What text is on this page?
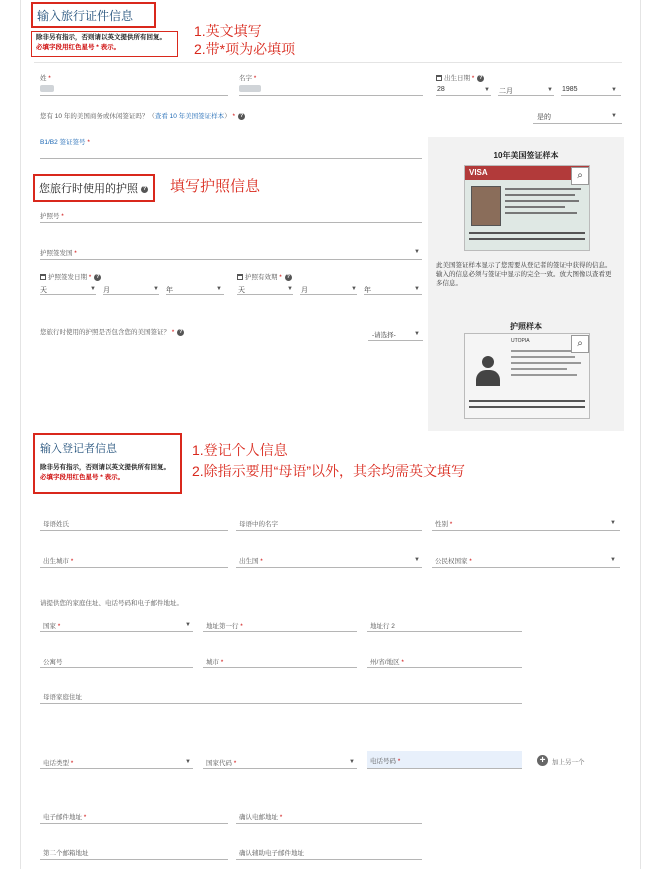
输入旅行证件信息
除非另有指示，否则请以英文提供所有回复。
必填字段用红色星号 * 表示。
1.英文填写
2.带*项为必填项
姓 *	名字 *	出生日期 * ?
28	▼ 二月	▼ 1985	▼
您有 10 年的美国商务或休闲签证吗？（查看 10 年美国签证样本） * ?	是的	▼
B1/B2 签证签号 *
您旅行时使用的护照 ? 填写护照信息
护照号 *
护照签发国 *	▼
护照签发日期 * ?
天	▼ 月	▼ 年	▼
护照有效期 * ?
天	▼ 月	▼ 年	▼
您旅行时使用的护照是否包含您的美国签证？ * ?
-请选择-	▼
10年美国签证样本
VISA	⌕
此美国签证样本显示了您需要从登记者的签证中获得的信息。输入的信息必须与签证中显示的完全一致。放大图像以查看更多信息。
护照样本
UTOPIA	⌕
输入登记者信息
除非另有指示，否则请以英文提供所有回复。
必填字段用红色星号 * 表示。
1.登记个人信息
2.除指示要用“母语”以外，其余均需英文填写
母语姓氏	母语中的名字	性别 *	▼
出生城市 *	出生国 *	▼ 公民权国家 *	▼
请提供您的家庭住址、电话号码和电子邮件地址。
国家 *	▼ 地址第一行 *	地址行 2
公寓号	城市 *	州/省/地区 *
母语家庭住址
电话类型 *	▼ 国家代码 *	▼ 电话号码 *	+	加上另一个
电子邮件地址 *	确认电邮地址 *
第二个邮箱地址	确认辅助电子邮件地址
